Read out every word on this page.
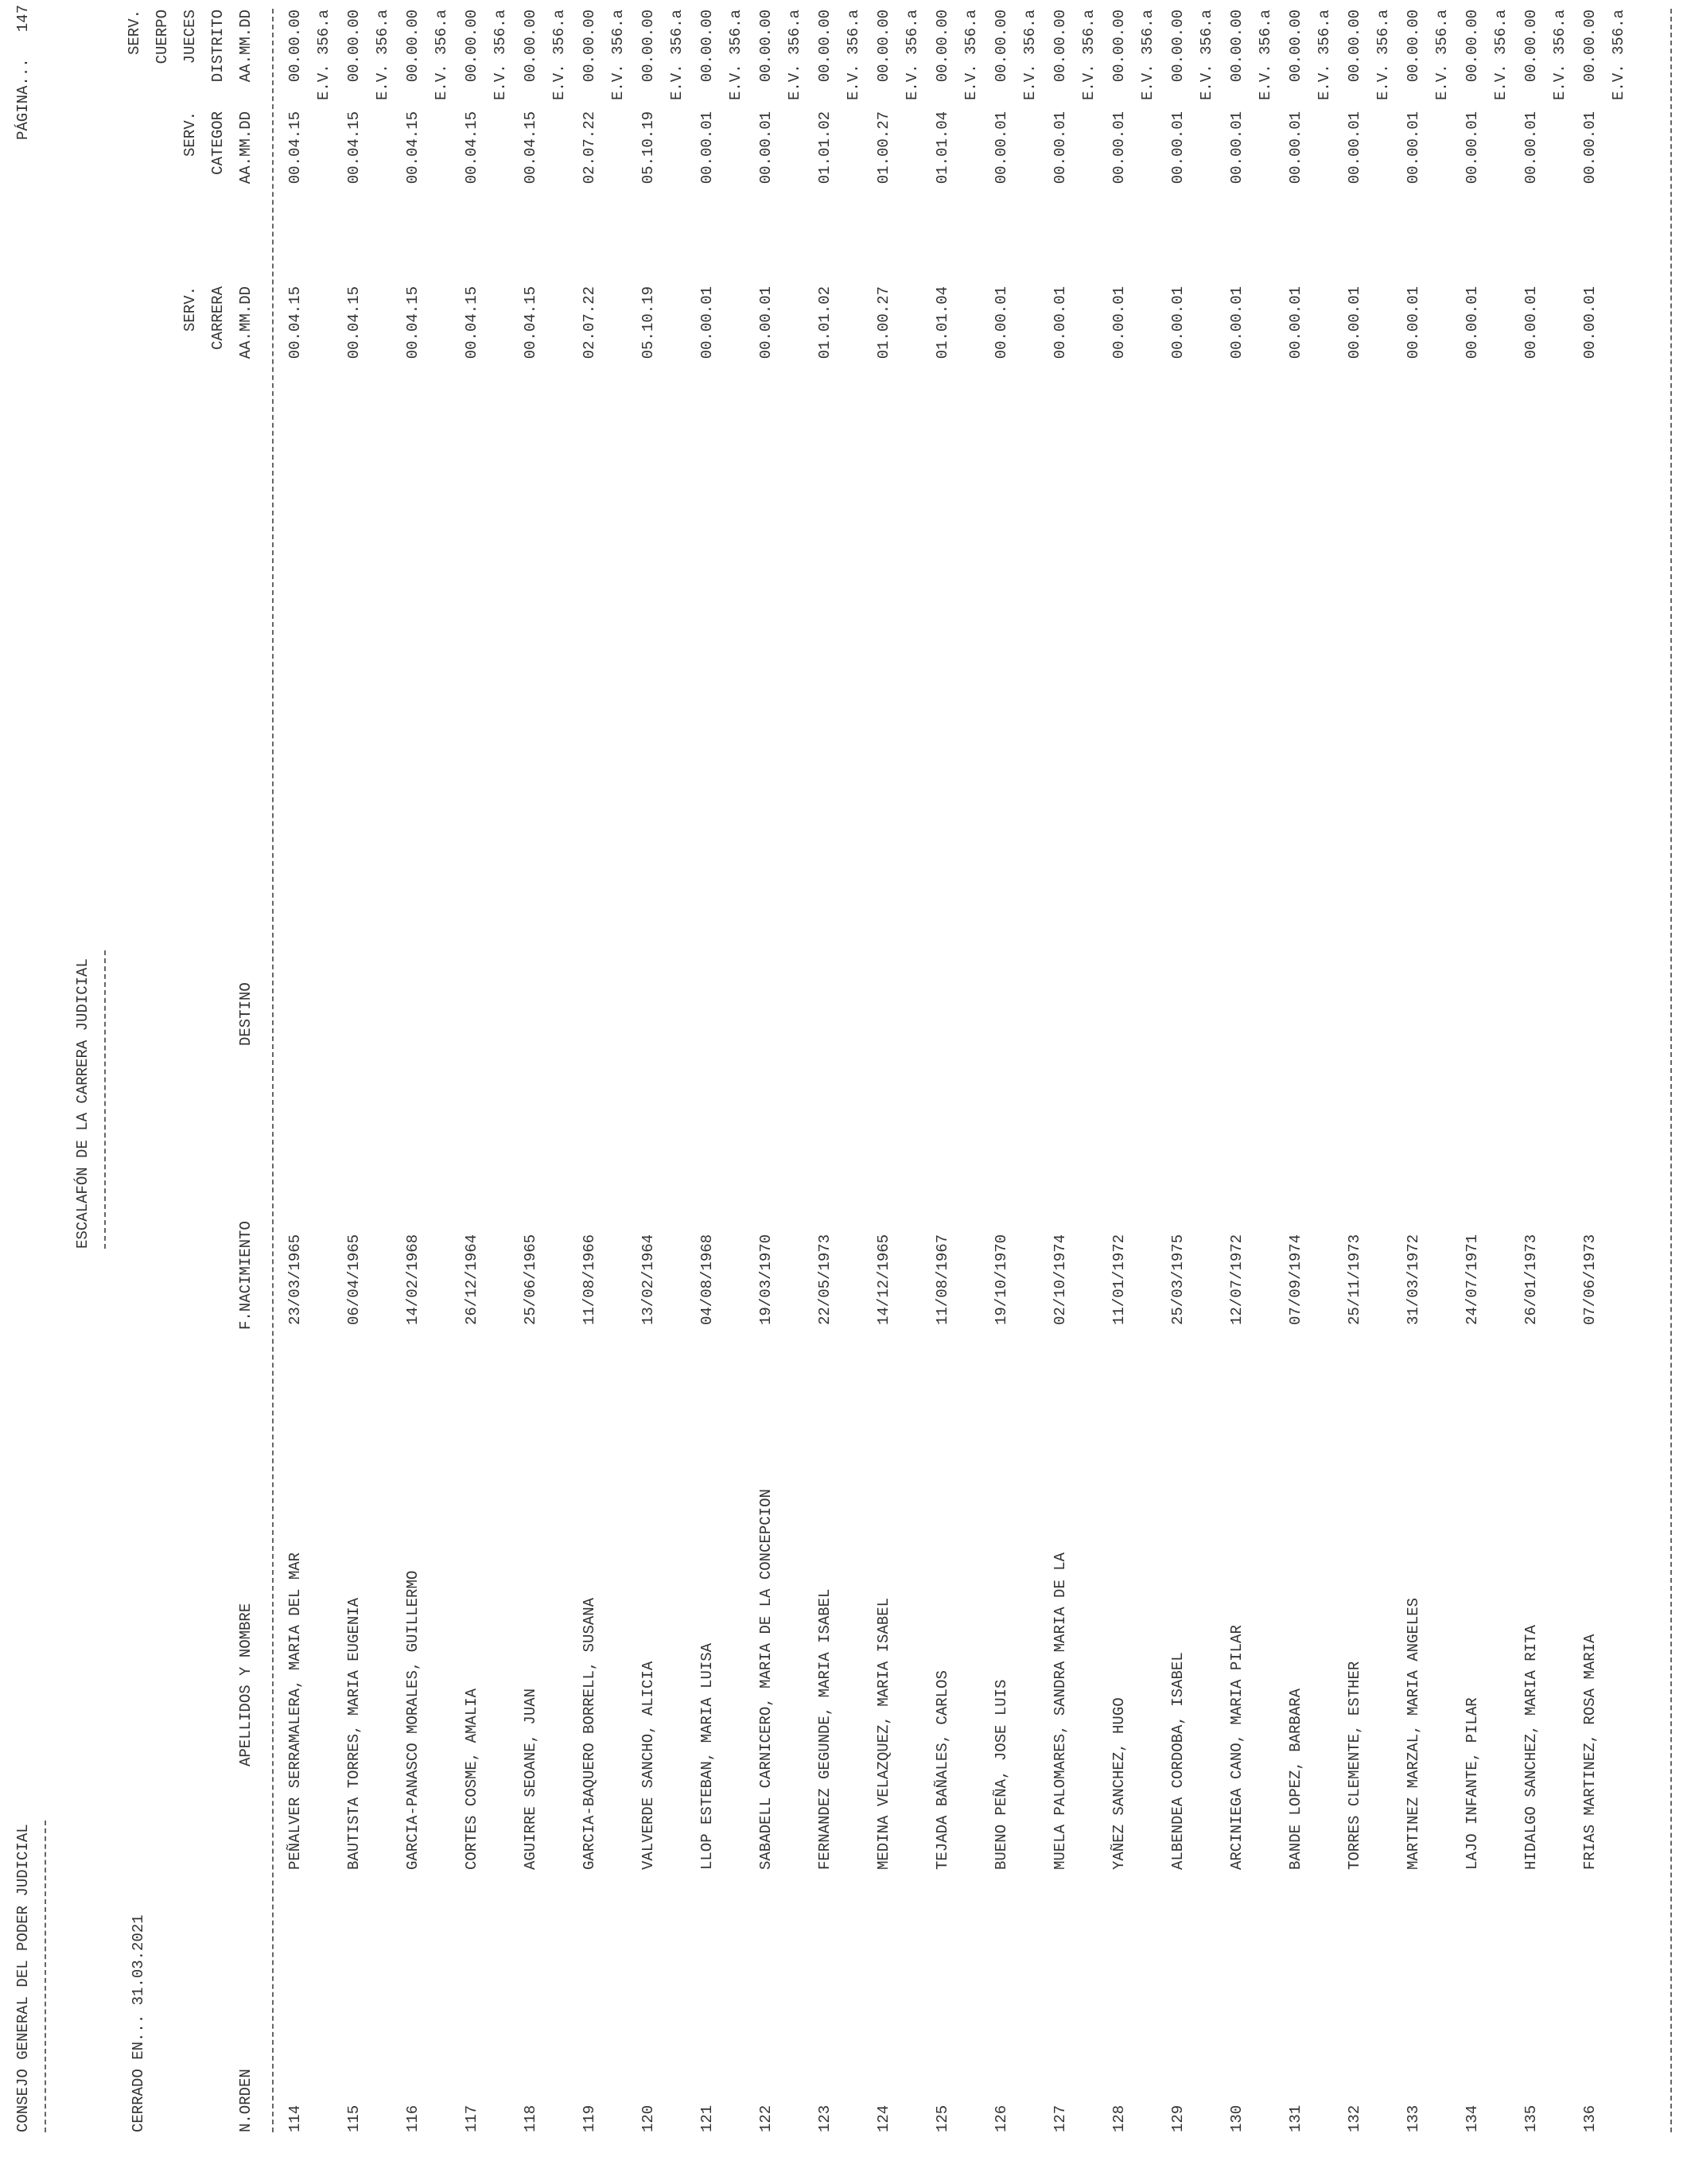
CONSEJO GENERAL DEL PODER JUDICIAL
ESCALAFÓN DE LA CARRERA JUDICIAL
CERRADO EN... 31.03.2021
PÁGINA...
147
N.ORDEN
APELLIDOS Y NOMBRE
F.NACIMIENTO
DESTINO
SERV. CARRERA AA.MM.DD
SERV. CATEGOR AA.MM.DD
SERV. CUERPO JUECES DISTRITO AA.MM.DD
114
PEÑALVER SERRAMALERA, MARIA DEL MAR
23/03/1965
00.04.15
00.04.15
00.00.00 E.V. 356.a
115
BAUTISTA TORRES, MARIA EUGENIA
06/04/1965
00.04.15
00.04.15
00.00.00 E.V. 356.a
116
GARCIA-PANASCO MORALES, GUILLERMO
14/02/1968
00.04.15
00.04.15
00.00.00 E.V. 356.a
117
CORTES COSME, AMALIA
26/12/1964
00.04.15
00.04.15
00.00.00 E.V. 356.a
118
AGUIRRE SEOANE, JUAN
25/06/1965
00.04.15
00.04.15
00.00.00 E.V. 356.a
119
GARCIA-BAQUERO BORRELL, SUSANA
11/08/1966
02.07.22
02.07.22
00.00.00 E.V. 356.a
120
VALVERDE SANCHO, ALICIA
13/02/1964
05.10.19
05.10.19
00.00.00 E.V. 356.a
121
LLOP ESTEBAN, MARIA LUISA
04/08/1968
00.00.01
00.00.01
00.00.00 E.V. 356.a
122
SABADELL CARNICERO, MARIA DE LA CONCEPCION
19/03/1970
00.00.01
00.00.01
00.00.00 E.V. 356.a
123
FERNANDEZ GEGUNDE, MARIA ISABEL
22/05/1973
01.01.02
01.01.02
00.00.00 E.V. 356.a
124
MEDINA VELAZQUEZ, MARIA ISABEL
14/12/1965
01.00.27
01.00.27
00.00.00 E.V. 356.a
125
TEJADA BAÑALES, CARLOS
11/08/1967
01.01.04
01.01.04
00.00.00 E.V. 356.a
126
BUENO PEÑA, JOSE LUIS
19/10/1970
00.00.01
00.00.01
00.00.00 E.V. 356.a
127
MUELA PALOMARES, SANDRA MARIA DE LA
02/10/1974
00.00.01
00.00.01
00.00.00 E.V. 356.a
128
YAÑEZ SANCHEZ, HUGO
11/01/1972
00.00.01
00.00.01
00.00.00 E.V. 356.a
129
ALBENDEA CORDOBA, ISABEL
25/03/1975
00.00.01
00.00.01
00.00.00 E.V. 356.a
130
ARCINIEGA CANO, MARIA PILAR
12/07/1972
00.00.01
00.00.01
00.00.00 E.V. 356.a
131
BANDE LOPEZ, BARBARA
07/09/1974
00.00.01
00.00.01
00.00.00 E.V. 356.a
132
TORRES CLEMENTE, ESTHER
25/11/1973
00.00.01
00.00.01
00.00.00 E.V. 356.a
133
MARTINEZ MARZAL, MARIA ANGELES
31/03/1972
00.00.01
00.00.01
00.00.00 E.V. 356.a
134
LAJO INFANTE, PILAR
24/07/1971
00.00.01
00.00.01
00.00.00 E.V. 356.a
135
HIDALGO SANCHEZ, MARIA RITA
26/01/1973
00.00.01
00.00.01
00.00.00 E.V. 356.a
136
FRIAS MARTINEZ, ROSA MARIA
07/06/1973
00.00.01
00.00.01
00.00.00 E.V. 356.a
